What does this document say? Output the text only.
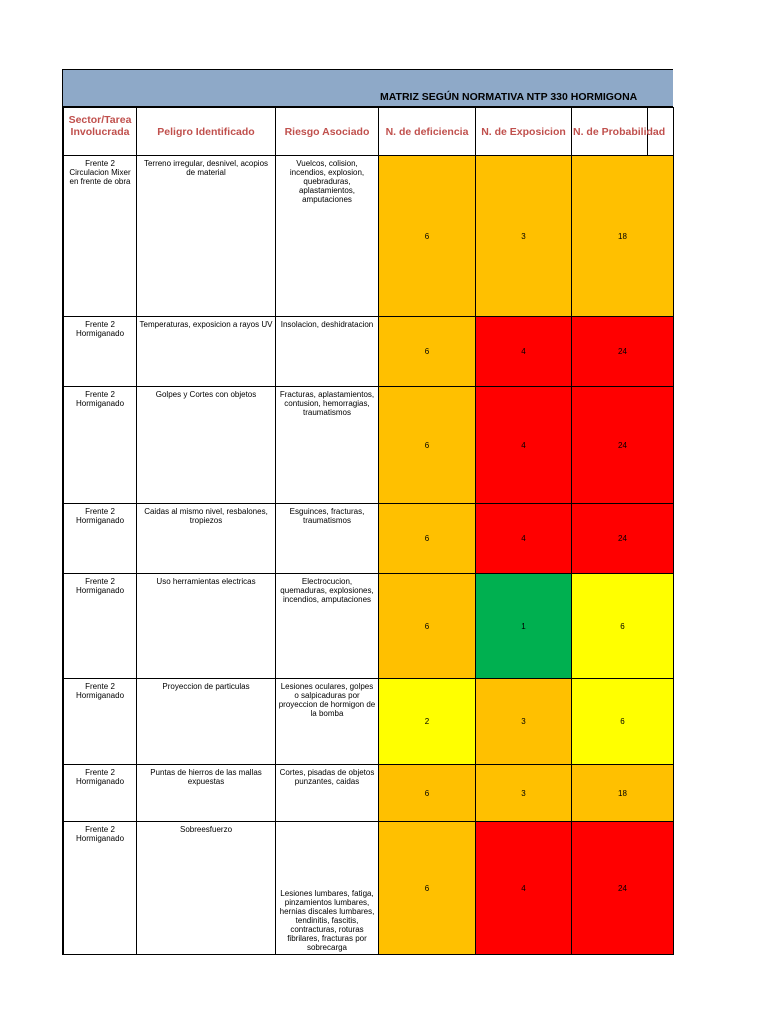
MATRIZ SEGÚN NORMATIVA NTP 330 HORMIGONA
Sector/Tarea Involucrada	Peligro Identificado	Riesgo Asociado	N. de deficiencia	N. de Exposicion	N. de Probabilidad

Frente 2 Circulacion Mixer en frente de obra	Terreno irregular, desnivel, acopios de material	Vuelcos, colision, incendios, explosion, quebraduras, aplastamientos, amputaciones	6	3	18
Frente 2 Hormiganado	Temperaturas, exposicion a rayos UV	Insolacion, deshidratacion	6	4	24
Frente 2 Hormiganado	Golpes y Cortes con objetos	Fracturas, aplastamientos, contusion, hemorragias, traumatismos	6	4	24
Frente 2 Hormiganado	Caidas al mismo nivel, resbalones, tropiezos	Esguinces, fracturas, traumatismos	6	4	24
Frente 2 Hormiganado	Uso herramientas electricas	Electrocucion, quemaduras, explosiones, incendios, amputaciones	6	1	6
Frente 2 Hormiganado	Proyeccion de particulas	Lesiones oculares, golpes o salpicaduras por proyeccion de hormigon de la bomba	2	3	6
Frente 2 Hormiganado	Puntas de hierros de las mallas expuestas	Cortes, pisadas de objetos punzantes, caidas	6	3	18
Frente 2 Hormiganado	Sobreesfuerzo	Lesiones lumbares, fatiga, pinzamientos lumbares, hernias discales lumbares, tendinitis, fascitis, contracturas, roturas fibrilares, fracturas por sobrecarga	6	4	24
